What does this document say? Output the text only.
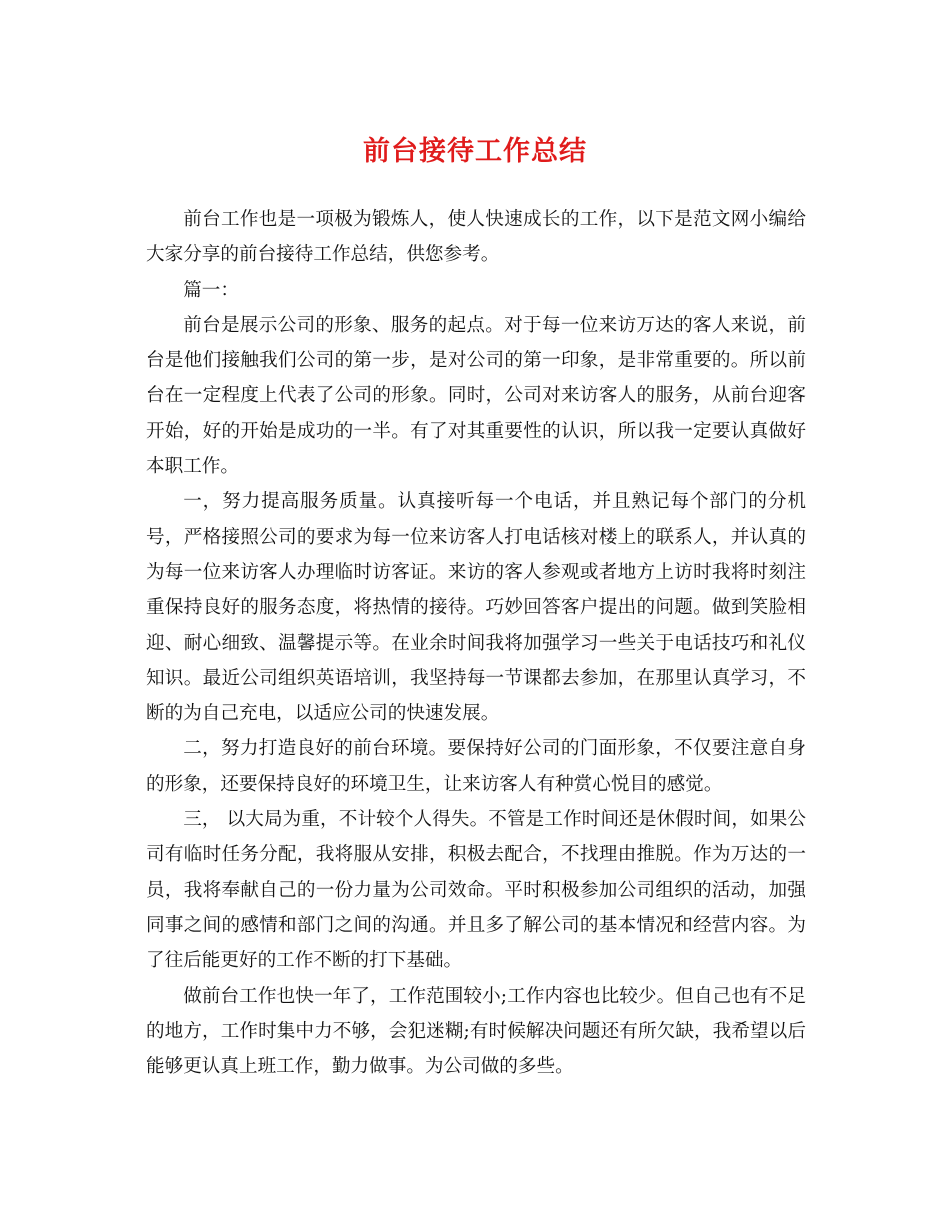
前台接待工作总结

前台工作也是一项极为锻炼人，使人快速成长的工作，以下是范文网小编给大家分享的前台接待工作总结，供您参考。

篇一：

前台是展示公司的形象、服务的起点。对于每一位来访万达的客人来说，前台是他们接触我们公司的第一步，是对公司的第一印象，是非常重要的。所以前台在一定程度上代表了公司的形象。同时，公司对来访客人的服务，从前台迎客开始，好的开始是成功的一半。有了对其重要性的认识，所以我一定要认真做好本职工作。

一，努力提高服务质量。认真接听每一个电话，并且熟记每个部门的分机号，严格接照公司的要求为每一位来访客人打电话核对楼上的联系人，并认真的为每一位来访客人办理临时访客证。来访的客人参观或者地方上访时我将时刻注重保持良好的服务态度，将热情的接待。巧妙回答客户提出的问题。做到笑脸相迎、耐心细致、温馨提示等。在业余时间我将加强学习一些关于电话技巧和礼仪知识。最近公司组织英语培训，我坚持每一节课都去参加，在那里认真学习，不断的为自己充电，以适应公司的快速发展。

二，努力打造良好的前台环境。要保持好公司的门面形象，不仅要注意自身的形象，还要保持良好的环境卫生，让来访客人有种赏心悦目的感觉。

三， 以大局为重，不计较个人得失。不管是工作时间还是休假时间，如果公司有临时任务分配，我将服从安排，积极去配合，不找理由推脱。作为万达的一员，我将奉献自己的一份力量为公司效命。平时积极参加公司组织的活动，加强同事之间的感情和部门之间的沟通。并且多了解公司的基本情况和经营内容。为了往后能更好的工作不断的打下基础。

做前台工作也快一年了，工作范围较小;工作内容也比较少。但自己也有不足的地方，工作时集中力不够，会犯迷糊;有时候解决问题还有所欠缺，我希望以后能够更认真上班工作，勤力做事。为公司做的多些。
